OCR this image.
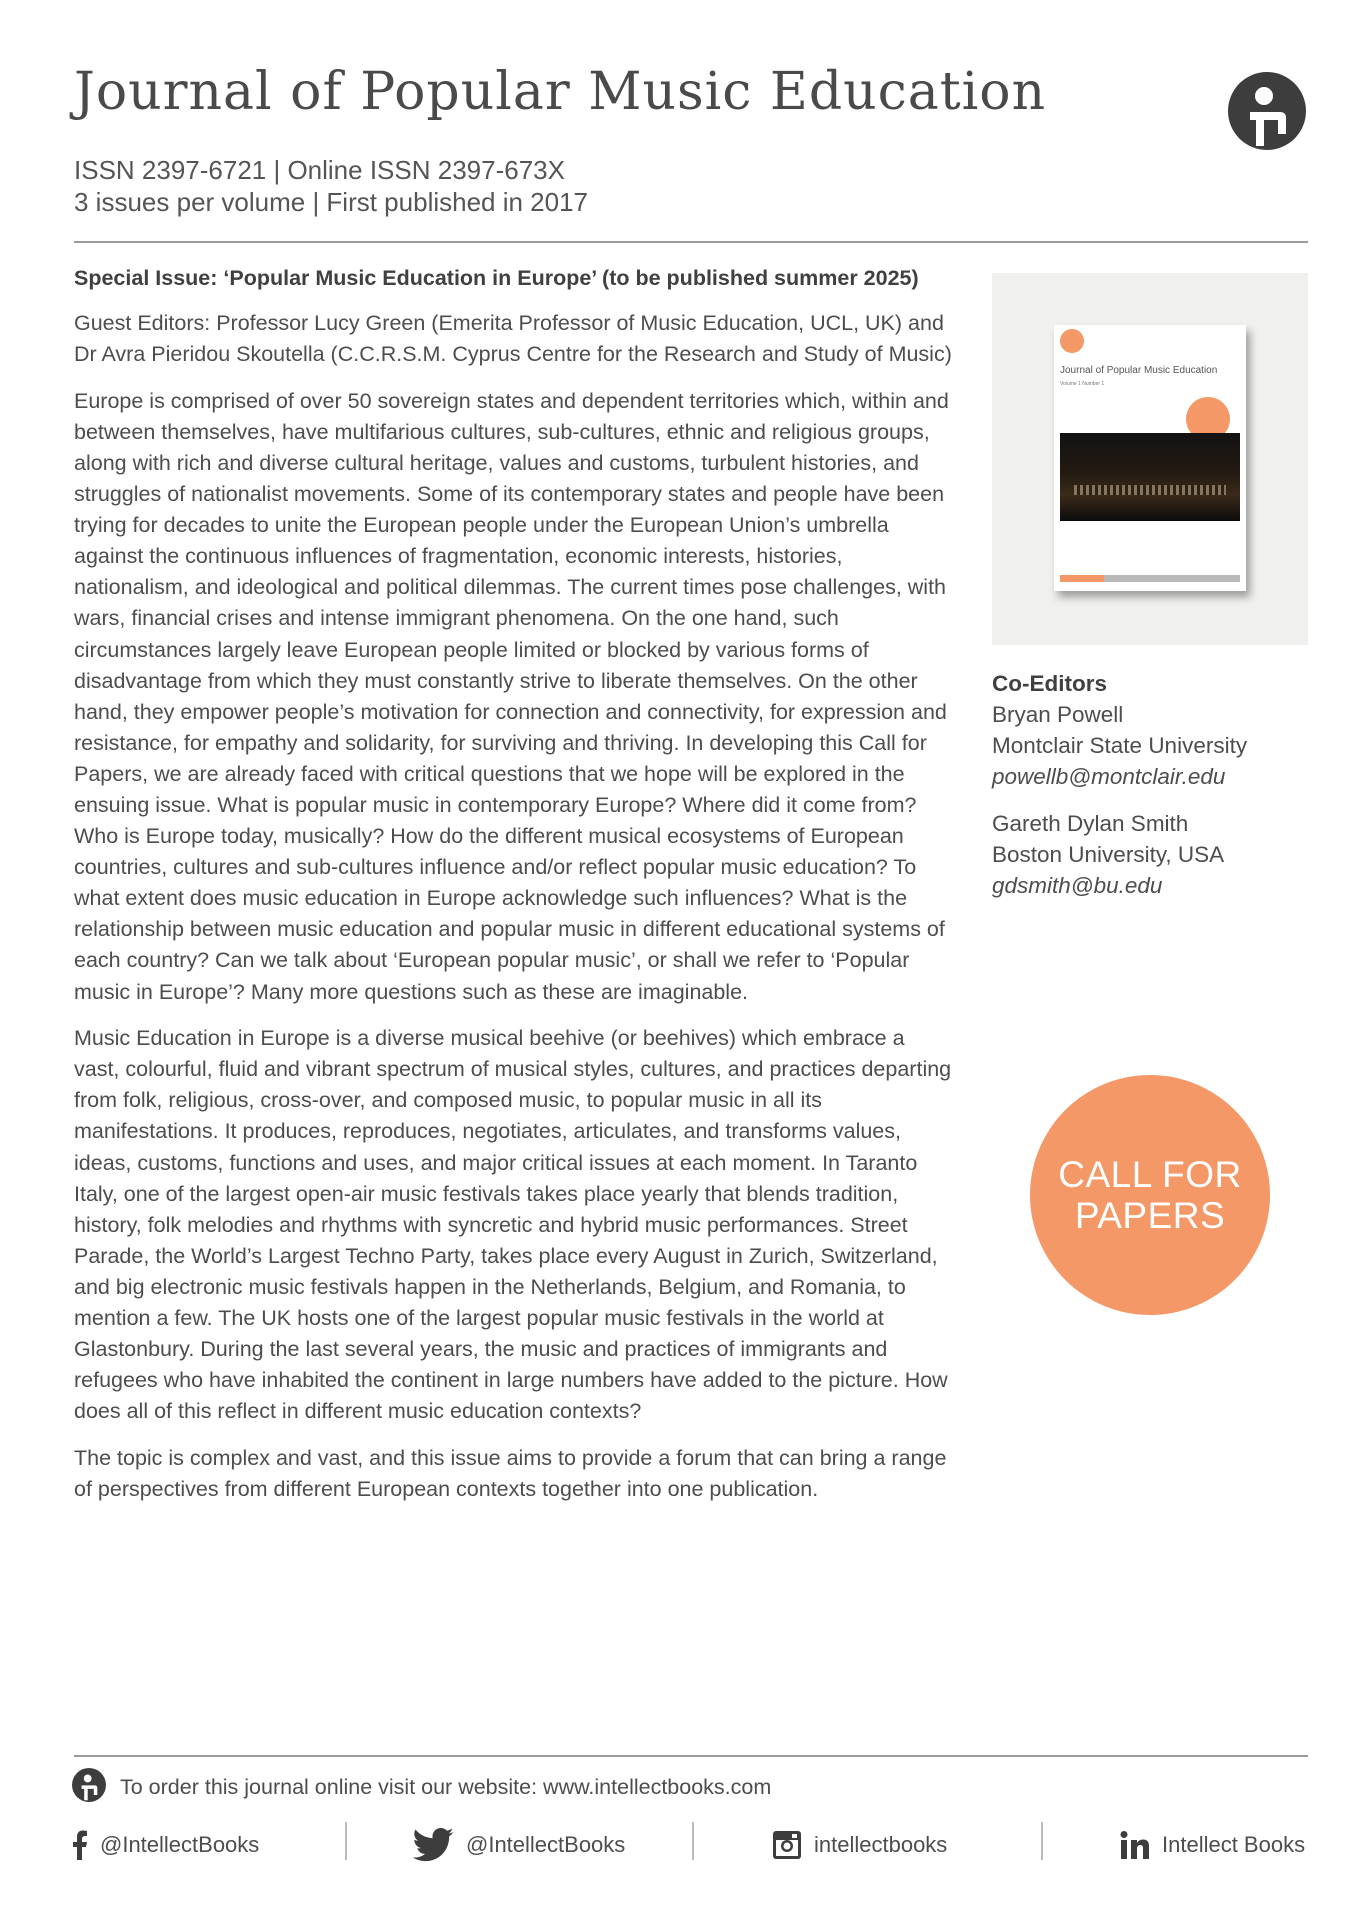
Journal of Popular Music Education
ISSN 2397-6721 | Online ISSN 2397-673X
3 issues per volume | First published in 2017

Special Issue: ‘Popular Music Education in Europe’ (to be published summer 2025)

Guest Editors: Professor Lucy Green (Emerita Professor of Music Education, UCL, UK) and Dr Avra Pieridou Skoutella (C.C.R.S.M. Cyprus Centre for the Research and Study of Music)

Europe is comprised of over 50 sovereign states and dependent territories which, within and between themselves, have multifarious cultures, sub-cultures, ethnic and religious groups, along with rich and diverse cultural heritage, values and customs, turbulent histories, and struggles of nationalist movements. Some of its contemporary states and people have been trying for decades to unite the European people under the European Union’s umbrella against the continuous influences of fragmentation, economic interests, histories, nationalism, and ideological and political dilemmas. The current times pose challenges, with wars, financial crises and intense immigrant phenomena. On the one hand, such circumstances largely leave European people limited or blocked by various forms of disadvantage from which they must constantly strive to liberate themselves. On the other hand, they empower people’s motivation for connection and connectivity, for expression and resistance, for empathy and solidarity, for surviving and thriving. In developing this Call for Papers, we are already faced with critical questions that we hope will be explored in the ensuing issue. What is popular music in contemporary Europe? Where did it come from? Who is Europe today, musically? How do the different musical ecosystems of European countries, cultures and sub-cultures influence and/or reflect popular music education? To what extent does music education in Europe acknowledge such influences? What is the relationship between music education and popular music in different educational systems of each country? Can we talk about ‘European popular music’, or shall we refer to ‘Popular music in Europe’? Many more questions such as these are imaginable.

Music Education in Europe is a diverse musical beehive (or beehives) which embrace a vast, colourful, fluid and vibrant spectrum of musical styles, cultures, and practices departing from folk, religious, cross-over, and composed music, to popular music in all its manifestations. It produces, reproduces, negotiates, articulates, and transforms values, ideas, customs, functions and uses, and major critical issues at each moment. In Taranto Italy, one of the largest open-air music festivals takes place yearly that blends tradition, history, folk melodies and rhythms with syncretic and hybrid music performances. Street Parade, the World’s Largest Techno Party, takes place every August in Zurich, Switzerland, and big electronic music festivals happen in the Netherlands, Belgium, and Romania, to mention a few. The UK hosts one of the largest popular music festivals in the world at Glastonbury. During the last several years, the music and practices of immigrants and refugees who have inhabited the continent in large numbers have added to the picture. How does all of this reflect in different music education contexts?

The topic is complex and vast, and this issue aims to provide a forum that can bring a range of perspectives from different European contexts together into one publication.

Journal of Popular Music Education
Volume 1 Number 1
Co-Editors
Bryan Powell
Montclair State University
powellb@montclair.edu
Gareth Dylan Smith
Boston University, USA
gdsmith@bu.edu
CALL FOR
PAPERS
To order this journal online visit our website: www.intellectbooks.com
@IntellectBooks	@IntellectBooks	intellectbooks	Intellect Books
